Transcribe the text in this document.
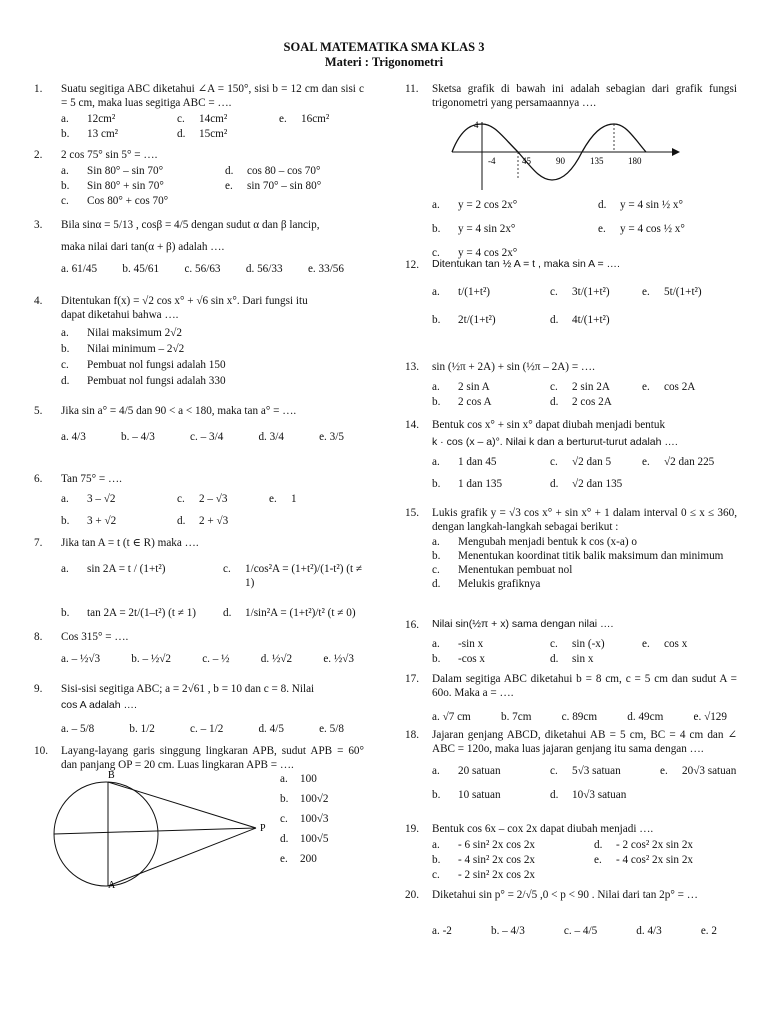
SOAL MATEMATIKA SMA KLAS 3
Materi : Trigonometri
1. Suatu segitiga ABC diketahui ∠A = 150°, sisi b = 12 cm dan sisi c = 5 cm, maka luas segitiga ABC = ….
a.	12cm²	c.	14cm²	e.	16cm²
b.	13 cm²	d.	15cm²
2. 2 cos 75° sin 5° = ….
a.	Sin 80° – sin 70°	d.	cos 80 – cos 70°
b.	Sin 80° + sin 70°	e.	sin 70° – sin 80°
c.	Cos 80° + cos 70°
3. Bila sinα = 5/13 , cosβ = 4/5 dengan sudut α dan β lancip,
maka nilai dari tan(α + β) adalah ….
a. 61/45 b. 45/61 c. 56/63 d. 56/33 e. 33/56
4. Ditentukan f(x) = √2 cos x° + √6 sin x°. Dari fungsi itu
dapat diketahui bahwa ….
a.	Nilai maksimum 2√2
b.	Nilai minimum – 2√2
c.	Pembuat nol fungsi adalah 150
d.	Pembuat nol fungsi adalah 330
5. Jika sin a° = 4/5 dan 90 < a < 180, maka tan a° = ….
a. 4/3	b. – 4/3	c. – 3/4	d. 3/4	e. 3/5
6. Tan 75° = ….
a.	3 – √2	c.	2 – √3	e.	1
b.	3 + √2	d.	2 + √3
7. Jika tan A = t (t ∈ R) maka ….
a.	sin 2A = t / (1+t²)	c.	1/cos²A = (1+t²)/(1-t²) (t ≠ 1)
b.	tan 2A = 2t/(1–t²) (t ≠ 1)	d.	1/sin²A = (1+t²)/t² (t ≠ 0)
8. Cos 315° = ….
a. – ½√3	b. – ½√2	c. – ½	d. ½√2	e. ½√3
9. Sisi-sisi segitiga ABC; a = 2√61 , b = 10 dan c = 8. Nilai
cos A adalah ….
a. – 5/8	b. 1/2	c. – 1/2	d. 4/5	e. 5/8
10. Layang-layang garis singgung lingkaran APB, sudut APB = 60° dan panjang OP = 20 cm. Luas lingkaran APB = ….
B
A
P
a.	100
b.	100√2
c.	100√3
d.	100√5
e.	200
11. Sketsa grafik di bawah ini adalah sebagian dari grafik fungsi trigonometri yang persamaannya ….
4
-4	45	90	135	180
a.	y = 2 cos 2x°	d.	y = 4 sin ½ x°
b.	y = 4 sin 2x°	e.	y = 4 cos ½ x°
c.	y = 4 cos 2x°
12. Ditentukan tan ½ A = t , maka sin A = ….
a.	t/(1+t²)	c.	3t/(1+t²)	e.	5t/(1+t²)
b.	2t/(1+t²)	d.	4t/(1+t²)
13. sin (½π + 2A) + sin (½π – 2A) = ….
a.	2 sin A	c.	2 sin 2A	e.	cos 2A
b.	2 cos A	d.	2 cos 2A
14. Bentuk cos x° + sin x° dapat diubah menjadi bentuk
k · cos (x – a)°. Nilai k dan a berturut-turut adalah ….
a.	1 dan 45	c.	√2 dan 5	e.	√2 dan 225
b.	1 dan 135	d.	√2 dan 135
15. Lukis grafik y = √3 cos x° + sin x° + 1 dalam interval 0 ≤ x ≤ 360, dengan langkah-langkah sebagai berikut :
a.	Mengubah menjadi bentuk k cos (x-a) o
b.	Menentukan koordinat titik balik maksimum dan minimum
c.	Menentukan pembuat nol
d.	Melukis grafiknya
16. Nilai sin(½π + x) sama dengan nilai ….
a.	-sin x	c.	sin (-x)	e.	cos x
b.	-cos x	d.	sin x
17. Dalam segitiga ABC diketahui b = 8 cm, c = 5 cm dan sudut A = 60o. Maka a = ….
a. √7 cm	b. 7cm	c. 89cm	d. 49cm	e. √129
18. Jajaran genjang ABCD, diketahui AB = 5 cm, BC = 4 cm dan ∠ ABC = 120o, maka luas jajaran genjang itu sama dengan ….
a.	20 satuan	c.	5√3 satuan	e.	20√3 satuan
b.	10 satuan	d.	10√3 satuan
19. Bentuk cos 6x – cox 2x dapat diubah menjadi ….
a.	- 6 sin² 2x cos 2x	d.	- 2 cos² 2x sin 2x
b.	- 4 sin² 2x cos 2x	e.	- 4 cos² 2x sin 2x
c.	- 2 sin² 2x cos 2x
20. Diketahui sin p° = 2/√5 ,0 < p < 90 . Nilai dari tan 2p° = …
a. -2	b. – 4/3	c. – 4/5	d. 4/3	e. 2
